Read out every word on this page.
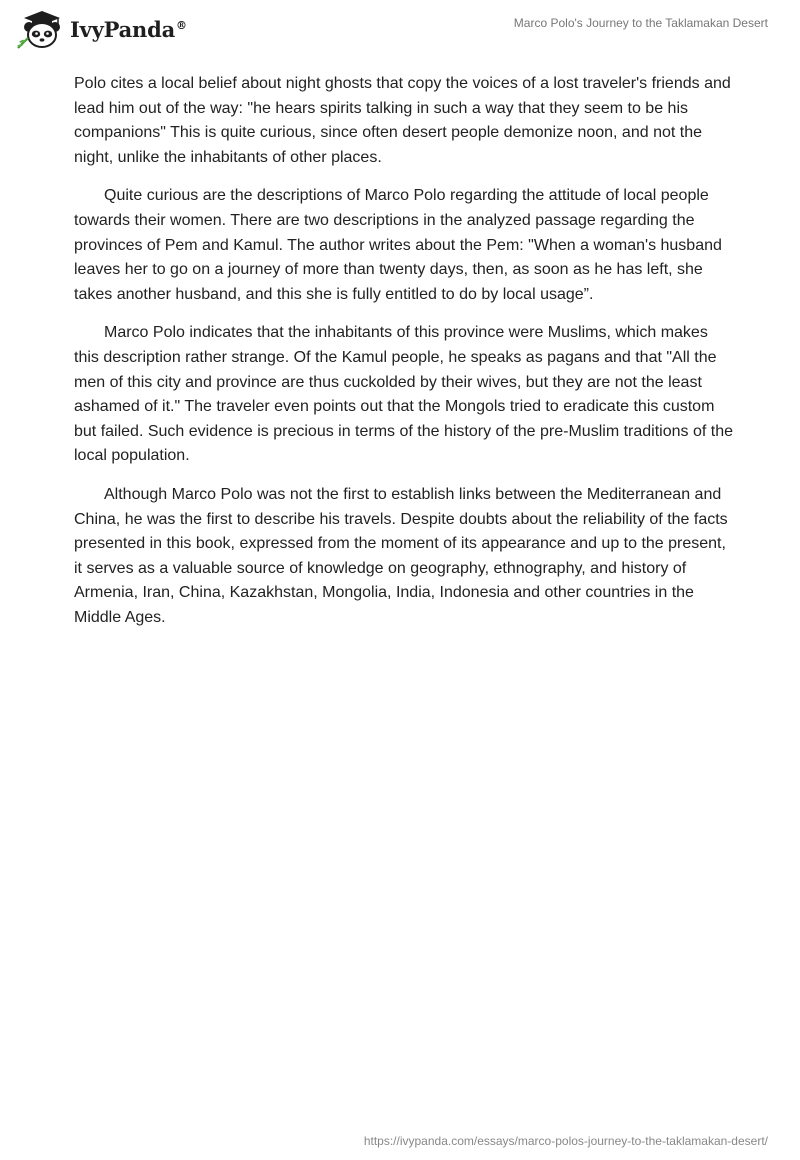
IvyPanda®	Marco Polo's Journey to the Taklamakan Desert

Polo cites a local belief about night ghosts that copy the voices of a lost traveler's friends and lead him out of the way: "he hears spirits talking in such a way that they seem to be his companions" This is quite curious, since often desert people demonize noon, and not the night, unlike the inhabitants of other places.

Quite curious are the descriptions of Marco Polo regarding the attitude of local people towards their women. There are two descriptions in the analyzed passage regarding the provinces of Pem and Kamul. The author writes about the Pem: "When a woman's husband leaves her to go on a journey of more than twenty days, then, as soon as he has left, she takes another husband, and this she is fully entitled to do by local usage”.

Marco Polo indicates that the inhabitants of this province were Muslims, which makes this description rather strange. Of the Kamul people, he speaks as pagans and that "All the men of this city and province are thus cuckolded by their wives, but they are not the least ashamed of it." The traveler even points out that the Mongols tried to eradicate this custom but failed. Such evidence is precious in terms of the history of the pre-Muslim traditions of the local population.

Although Marco Polo was not the first to establish links between the Mediterranean and China, he was the first to describe his travels. Despite doubts about the reliability of the facts presented in this book, expressed from the moment of its appearance and up to the present, it serves as a valuable source of knowledge on geography, ethnography, and history of Armenia, Iran, China, Kazakhstan, Mongolia, India, Indonesia and other countries in the Middle Ages.

https://ivypanda.com/essays/marco-polos-journey-to-the-taklamakan-desert/
